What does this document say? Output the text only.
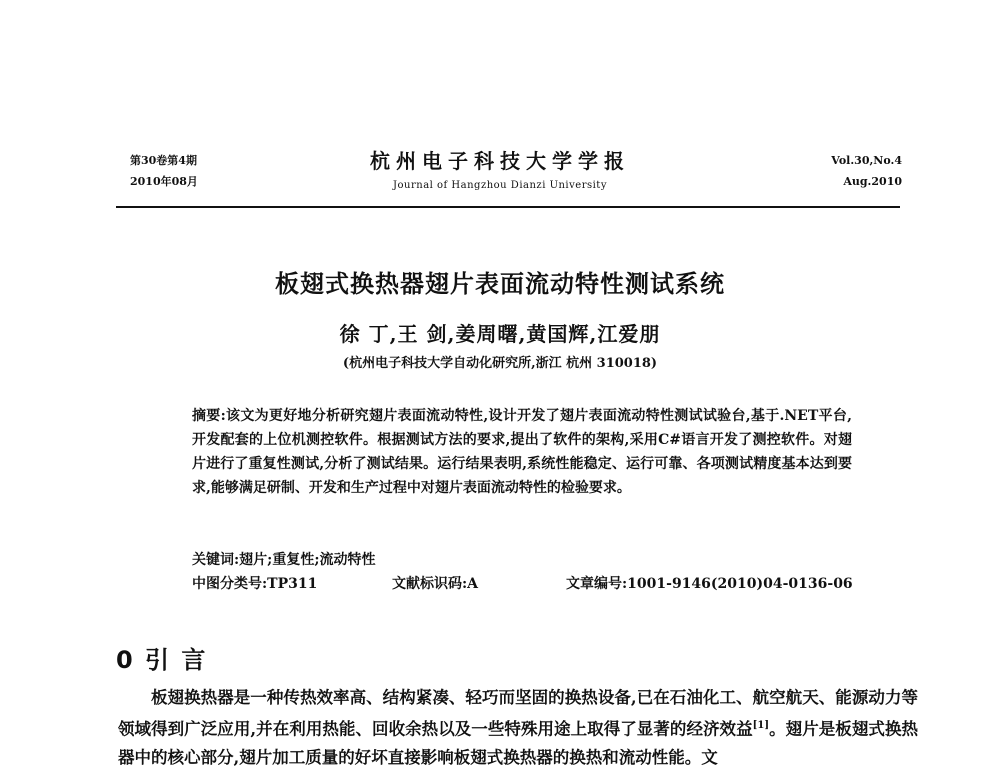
第30卷第4期
2010年08月
杭州电子科技大学学报
Journal of Hangzhou Dianzi University
Vol.30,No.4
Aug.2010
板翅式换热器翅片表面流动特性测试系统
徐 丁,王 剑,姜周曙,黄国辉,江爱朋
(杭州电子科技大学自动化研究所,浙江 杭州 310018)
摘要:该文为更好地分析研究翅片表面流动特性,设计开发了翅片表面流动特性测试试验台,基于.NET平台,开发配套的上位机测控软件。根据测试方法的要求,提出了软件的架构,采用C#语言开发了测控软件。对翅片进行了重复性测试,分析了测试结果。运行结果表明,系统性能稳定、运行可靠、各项测试精度基本达到要求,能够满足研制、开发和生产过程中对翅片表面流动特性的检验要求。
关键词:翅片;重复性;流动特性
中图分类号:TP311	文献标识码:A	文章编号:1001-9146(2010)04-0136-06
0 引 言

板翅换热器是一种传热效率高、结构紧凑、轻巧而坚固的换热设备,已在石油化工、航空航天、能源动力等领域得到广泛应用,并在利用热能、回收余热以及一些特殊用途上取得了显著的经济效益[1]。翅片是板翅式换热器中的核心部分,翅片加工质量的好坏直接影响板翅式换热器的换热和流动性能。文
